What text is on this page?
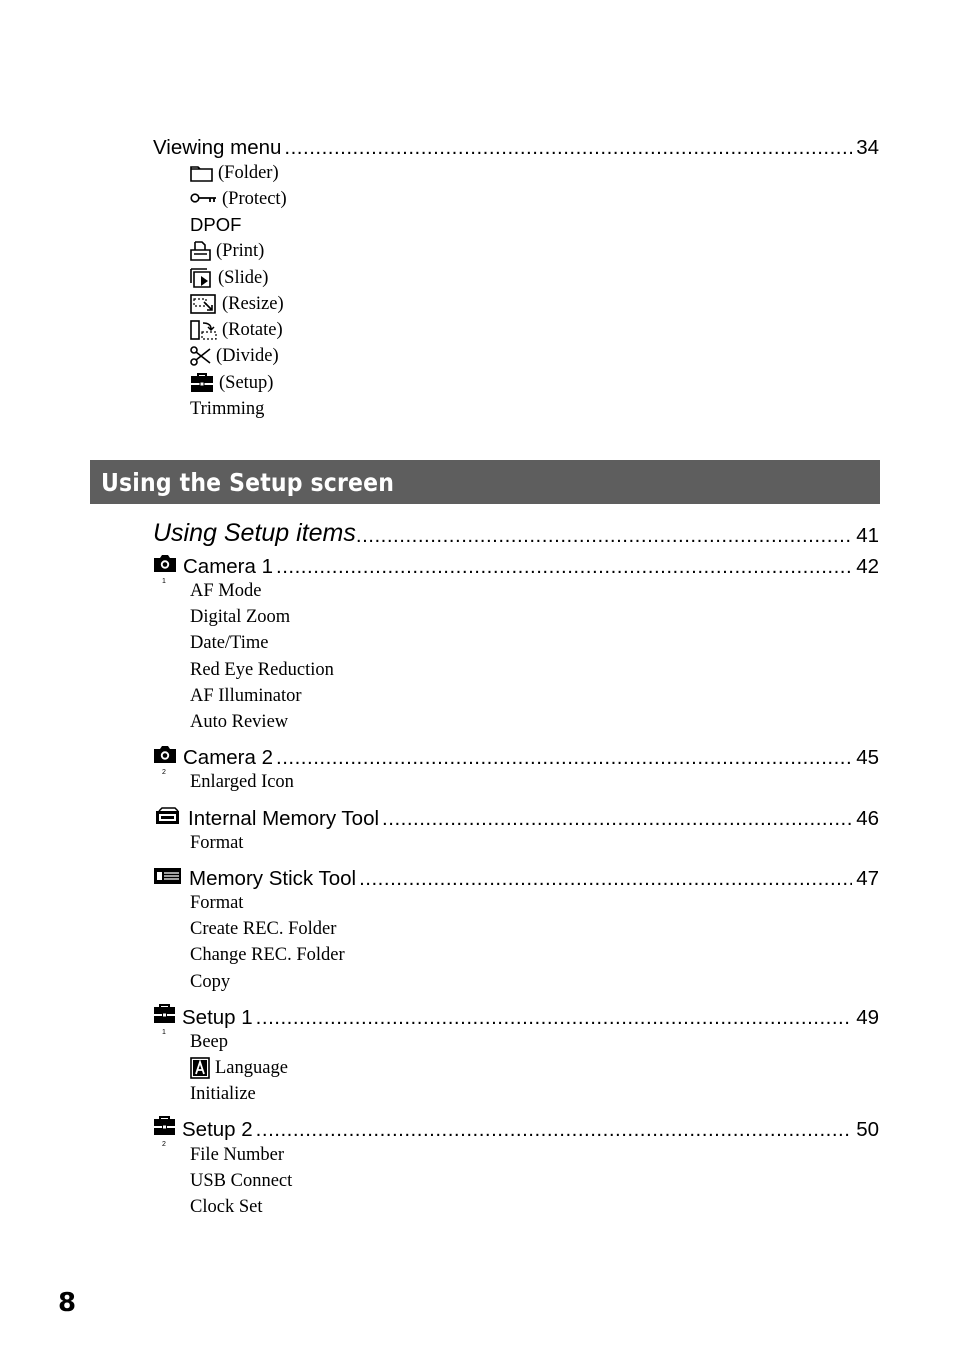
Viewing menu .....	34
(Folder)
(Protect)
DPOF
(Print)
(Slide)
(Resize)
(Rotate)
(Divide)
(Setup)
Trimming
Using the Setup screen
Using Setup items .....	41
1
Camera 1 .....	42
AF Mode
Digital Zoom
Date/Time
Red Eye Reduction
AF Illuminator
Auto Review
2
Camera 2 .....	45
Enlarged Icon
Internal Memory Tool .....	46
Format
Memory Stick Tool .....	47
Format
Create REC. Folder
Change REC. Folder
Copy
1
Setup 1 .....	49
Beep
Language
Initialize
2
Setup 2 .....	50
File Number
USB Connect
Clock Set
8
